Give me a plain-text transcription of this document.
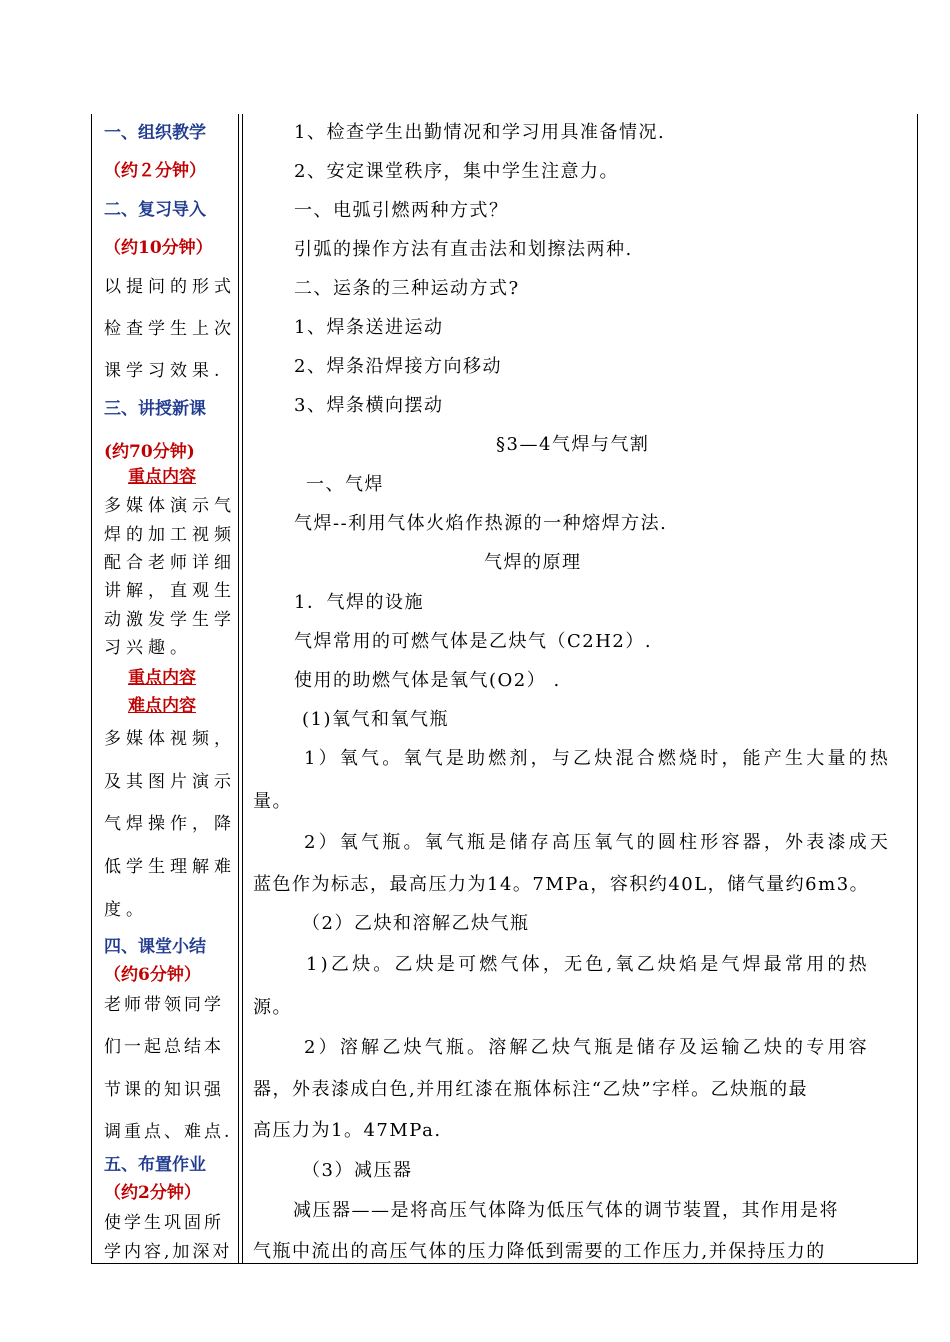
一、组织教学
（约２分钟）
二、复习导入
（约10分钟）
以提问的形式
检查学生上次
课学习效果.
三、讲授新课
(约70分钟)
重点内容
多媒体演示气
焊的加工视频
配合老师详细
讲解，直观生
动激发学生学
习兴趣。
重点内容
难点内容
多媒体视频，
及其图片演示
气焊操作，降
低学生理解难
度。
四、课堂小结
（约6分钟）
老师带领同学
们一起总结本
节课的知识强
调重点、难点.
五、布置作业
（约2分钟）
使学生巩固所
学内容,加深对
1、检查学生出勤情况和学习用具准备情况.
2、安定课堂秩序，集中学生注意力。
一、电弧引燃两种方式？
引弧的操作方法有直击法和划擦法两种.
二、运条的三种运动方式?
1、焊条送进运动
2、焊条沿焊接方向移动
3、焊条横向摆动
§3—4气焊与气割
一、气焊
气焊--利用气体火焰作热源的一种熔焊方法.
气焊的原理
1．气焊的设施
气焊常用的可燃气体是乙炔气（C2H2）.
使用的助燃气体是氧气(O2） .
(1)氧气和氧气瓶
1）氧气。氧气是助燃剂，与乙炔混合燃烧时，能产生大量的热
量。
2）氧气瓶。氧气瓶是储存高压氧气的圆柱形容器，外表漆成天
蓝色作为标志，最高压力为14。7MPa，容积约40L，储气量约6m3。
（2）乙炔和溶解乙炔气瓶
1)乙炔。乙炔是可燃气体，无色,氧乙炔焰是气焊最常用的热
源。
2）溶解乙炔气瓶。溶解乙炔气瓶是储存及运输乙炔的专用容
器，外表漆成白色,并用红漆在瓶体标注“乙炔”字样。乙炔瓶的最
高压力为1。47MPa.
（3）减压器
减压器——是将高压气体降为低压气体的调节装置，其作用是将
气瓶中流出的高压气体的压力降低到需要的工作压力,并保持压力的
